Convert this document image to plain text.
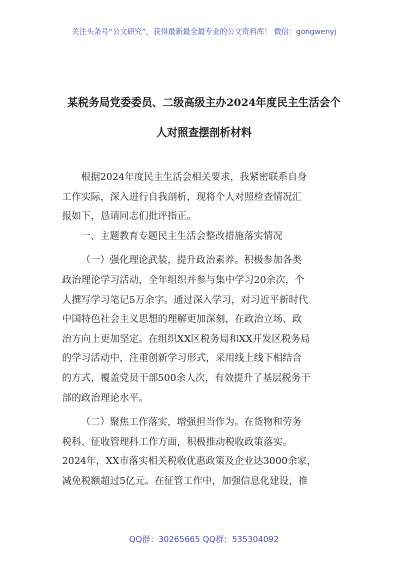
关注头条号“公文研究”，获得最新最全最专业的公文资料库！ 微信：gongwenyj
某税务局党委委员、二级高级主办2024年度民主生活会个
人对照查摆剖析材料
根据2024年度民主生活会相关要求，我紧密联系自身
工作实际，深入进行自我剖析，现将个人对照检查情况汇
报如下，恳请同志们批评指正。
一、主题教育专题民主生活会整改措施落实情况
（一）强化理论武装，提升政治素养。积极参加各类
政治理论学习活动，全年组织并参与集中学习20余次，个
人撰写学习笔记5万余字。通过深入学习，对习近平新时代
中国特色社会主义思想的理解更加深刻，在政治立场、政
治方向上更加坚定。在组织XX区税务局和XX开发区税务局
的学习活动中，注重创新学习形式，采用线上线下相结合
的方式，覆盖党员干部500余人次，有效提升了基层税务干
部的政治理论水平。
（二）聚焦工作落实，增强担当作为。在货物和劳务
税科、征收管理科工作方面，积极推动税收政策落实。
2024年，XX市落实相关税收优惠政策及企业达3000余家，
减免税额超过5亿元。在征管工作中，加强信息化建设，推
QQ群：30265665 QQ群：535304092
